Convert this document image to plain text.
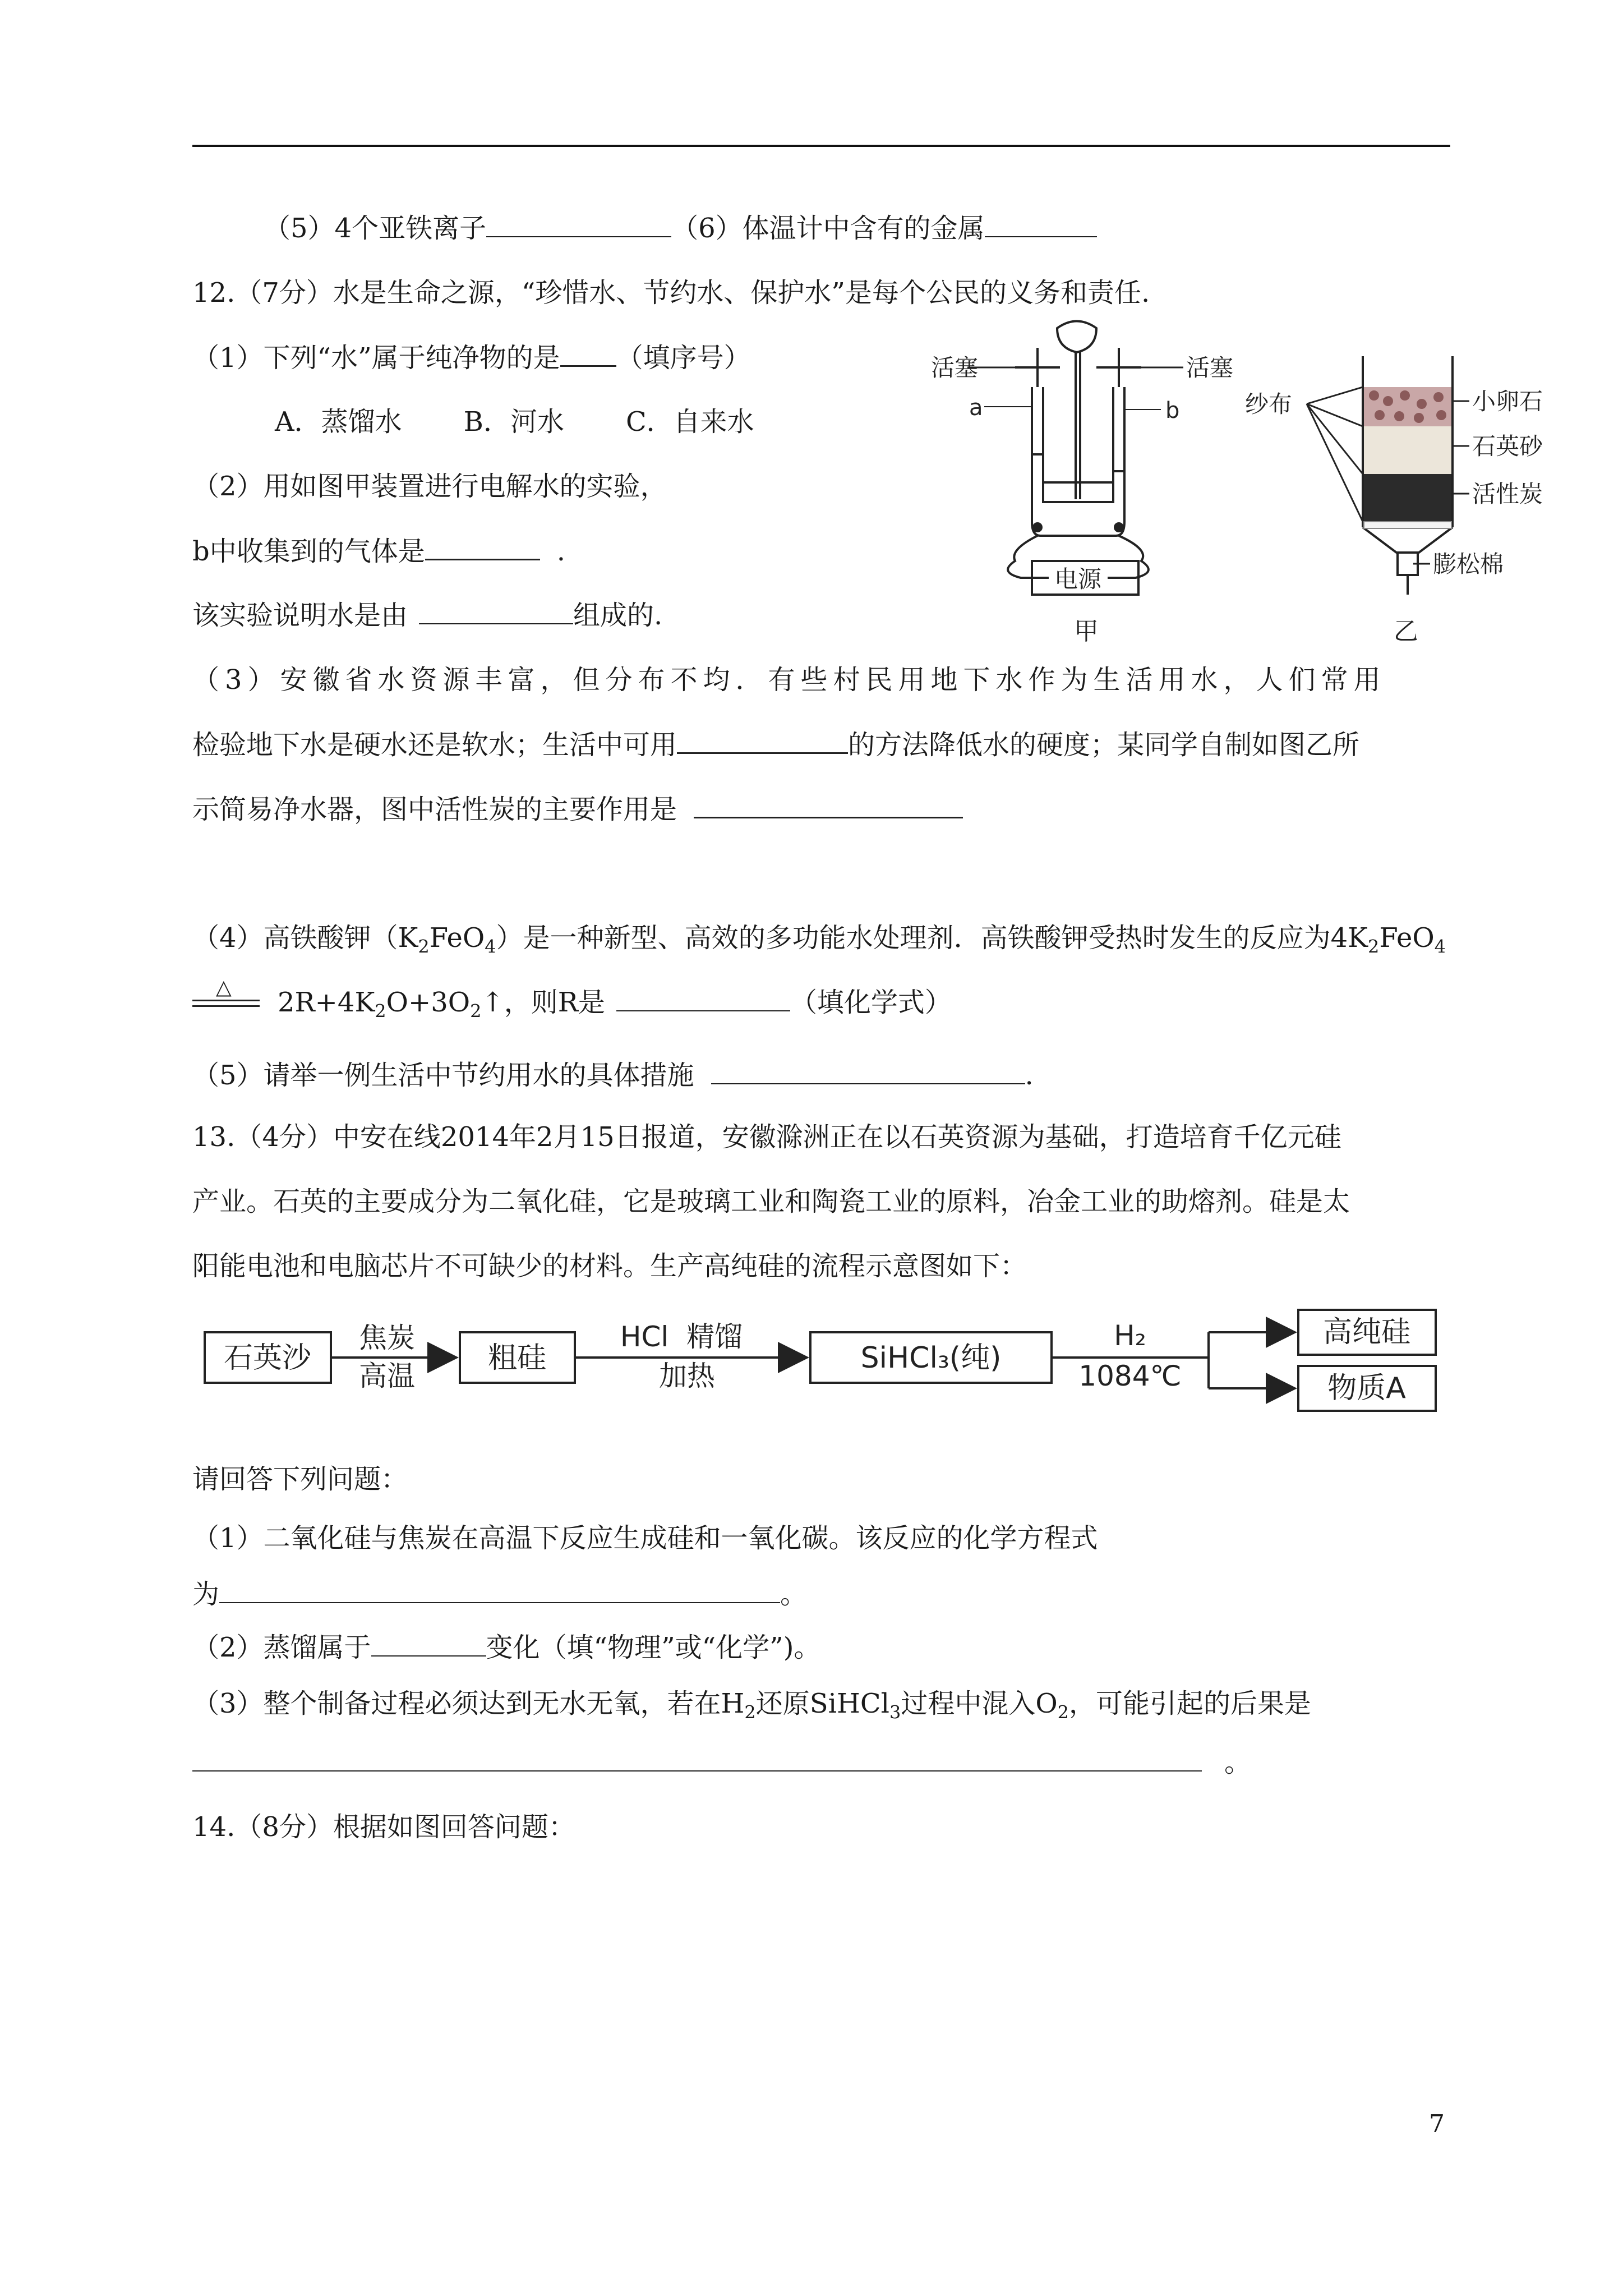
（5）4个亚铁离子	（6）体温计中含有的金属
12.（7分）水是生命之源，“珍惜水、节约水、保护水”是每个公民的义务和责任.
（1）下列“水”属于纯净物的是 （填序号）
A．蒸馏水 B．河水 C．自来水
（2）用如图甲装置进行电解水的实验，
b中收集到的气体是	.
该实验说明水是由	组成的.
活塞	活塞
a	b
电源
甲
纱布	小卵石
石英砂
活性炭
膨松棉
乙
（3）安徽省水资源丰富，但分布不均．有些村民用地下水作为生活用水，人们常用
检验地下水是硬水还是软水；生活中可用	的方法降低水的硬度；某同学自制如图乙所
示简易净水器，图中活性炭的主要作用是
（4）高铁酸钾$(K_2FeO_4)$是一种新型、高效的多功能水处理剂．高铁酸钾受热时发生的反应为$4K_2FeO_4$
△ $2R+4K_2O+3O_2↑$，则R是	（填化学式）
（5）请举一例生活中节约用水的具体措施	.
13.（4分）中安在线2014年2月15日报道，安徽滁洲正在以石英资源为基础，打造培育千亿元硅
产业。石英的主要成分为二氧化硅，它是玻璃工业和陶瓷工业的原料，冶金工业的助熔剂。硅是太
阳能电池和电脑芯片不可缺少的材料。生产高纯硅的流程示意图如下：
石英沙
焦炭
高温
粗硅
HCl  精馏
加热
SiHCl₃(纯)
H₂
1084℃
高纯硅
物质A
请回答下列问题：
（1）二氧化硅与焦炭在高温下反应生成硅和一氧化碳。该反应的化学方程式
为	。
（2）蒸馏属于	变化（填“物理”或“化学”)。
（3）整个制备过程必须达到无水无氧，若在$H_2$还原SiHCl$_3$过程中混入$O_2$，可能引起的后果是
。
14.（8分）根据如图回答问题：
7
